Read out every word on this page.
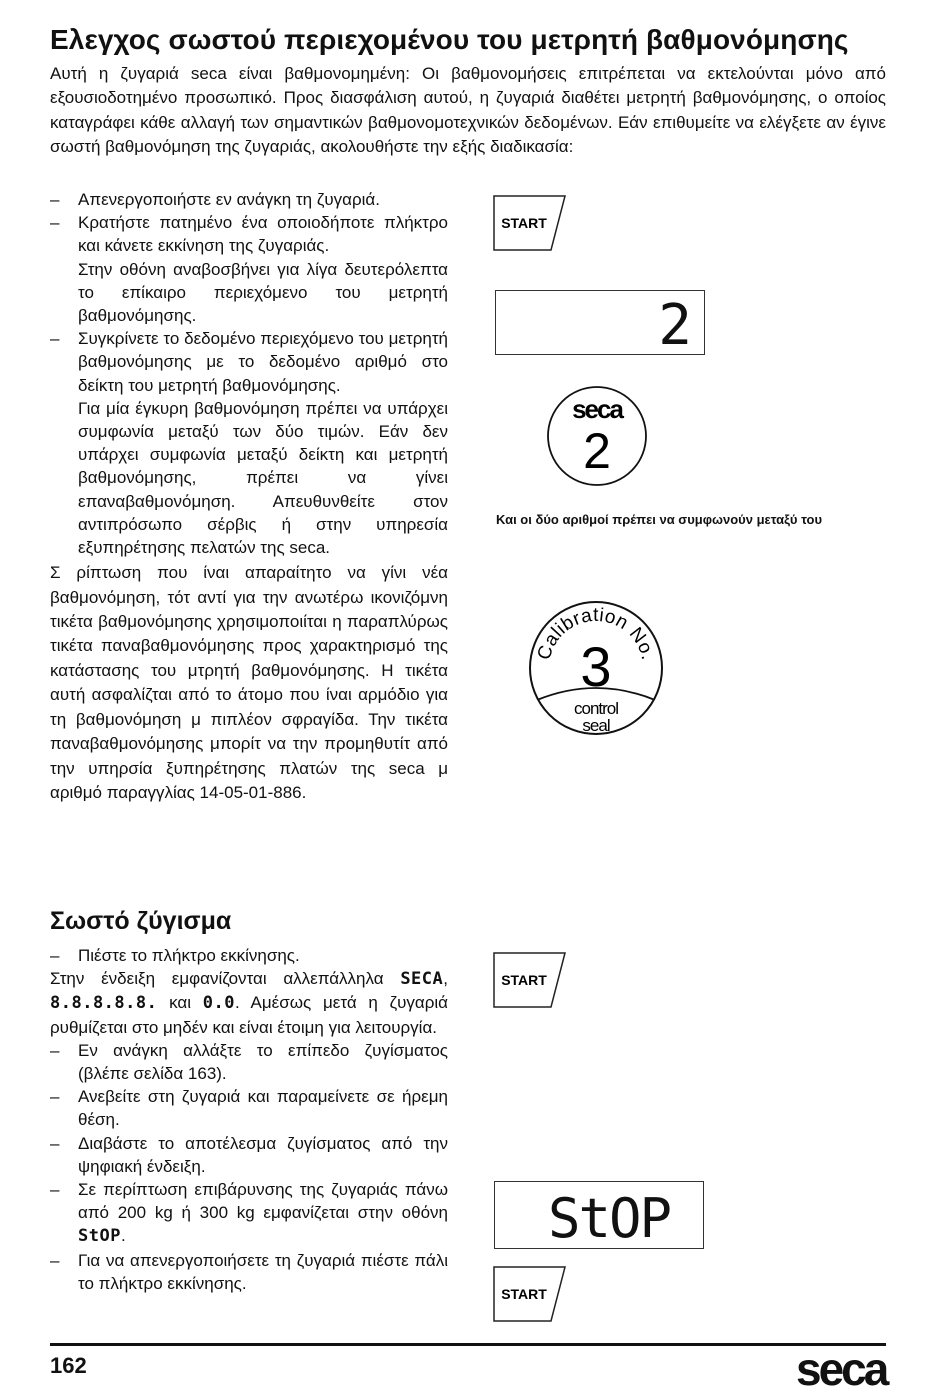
Ελεγχος σωστού περιεχομένου του μετρητή βαθμονόμησης
Αυτή η ζυγαριά seca είναι βαθμονομημένη: Οι βαθμονομήσεις επιτρέπεται να εκτελούνται μόνο από εξουσιοδοτημένο προσωπικό. Προς διασφάλιση αυτού, η ζυγαριά διαθέτει μετρητή βαθμονόμησης, ο οποίος καταγράφει κάθε αλλαγή των σημαντικών βαθμονομοτεχνικών δεδομένων. Εάν επιθυμείτε να ελέγξετε αν έγινε σωστή βαθμονόμηση της ζυγαριάς, ακολουθήστε την εξής διαδικασία:
– Απενεργοποιήστε εν ανάγκη τη ζυγαριά.
– Κρατήστε πατημένο ένα οποιοδήποτε πλήκτρο και κάνετε εκκίνηση της ζυγαριάς.
Στην οθόνη αναβοσβήνει για λίγα δευτερόλεπτα το επίκαιρο περιεχόμενο του μετρητή βαθμονόμησης.
– Συγκρίνετε το δεδομένο περιεχόμενο του μετρητή βαθμονόμησης με το δεδομένο αριθμό στο δείκτη του μετρητή βαθμονόμησης.
Για μία έγκυρη βαθμονόμηση πρέπει να υπάρχει συμφωνία μεταξύ των δύο τιμών. Εάν δεν υπάρχει συμφωνία μεταξύ δείκτη και μετρητή βαθμονόμησης, πρέπει να γίνει επαναβαθμονόμηση. Απευθυνθείτε στον αντιπρόσωπο σέρβις ή στην υπηρεσία εξυπηρέτησης πελατών της seca.

Σ ρίπτωση που ίναι απαραίτητο να γίνι νέα βαθμονόμηση, τότ αντί για την ανωτέρω ικονιζόμνη τικέτα βαθμονόμησης χρησιμοποιίται η παραπλύρως τικέτα παναβαθμονόμησης προς χαρακτηρισμό της κατάστασης του μτρητή βαθμονόμησης. Η τικέτα αυτή ασφαλίζται από το άτομο που ίναι αρμόδιο για τη βαθμονόμηση μ πιπλέον σφραγίδα. Την τικέτα παναβαθμονόμησης μπορίτ να την προμηθυτίτ από την υπηρσία ξυπηρέτησης πλατών της seca μ αριθμό παραγγλίας 14-05-01-886.

Σωστό ζύγισμα
– Πιέστε το πλήκτρο εκκίνησης.

Στην ένδειξη εμφανίζονται αλλεπάλληλα SECA, 8.8.8.8.8. και 0.0. Αμέσως μετά η ζυγαριά ρυθμίζεται στο μηδέν και είναι έτοιμη για λειτουργία.

– Εν ανάγκη αλλάξτε το επίπεδο ζυγίσματος (βλέπε σελίδα 163).
– Ανεβείτε στη ζυγαριά και παραμείνετε σε ήρεμη θέση.
– Διαβάστε το αποτέλεσμα ζυγίσματος από την ψηφιακή ένδειξη.
– Σε περίπτωση επιβάρυνσης της ζυγαριάς πάνω από 200 kg ή 300 kg εμφανίζεται στην οθόνη StOP.
– Για να απενεργοποιήσετε τη ζυγαριά πιέστε πάλι το πλήκτρο εκκίνησης.
START
START
START
2
seca
2
Και οι δύο αριθμοί πρέπει να συμφωνούν μεταξύ του
Calibration No.
3
control
seal
StOP
162	seca
